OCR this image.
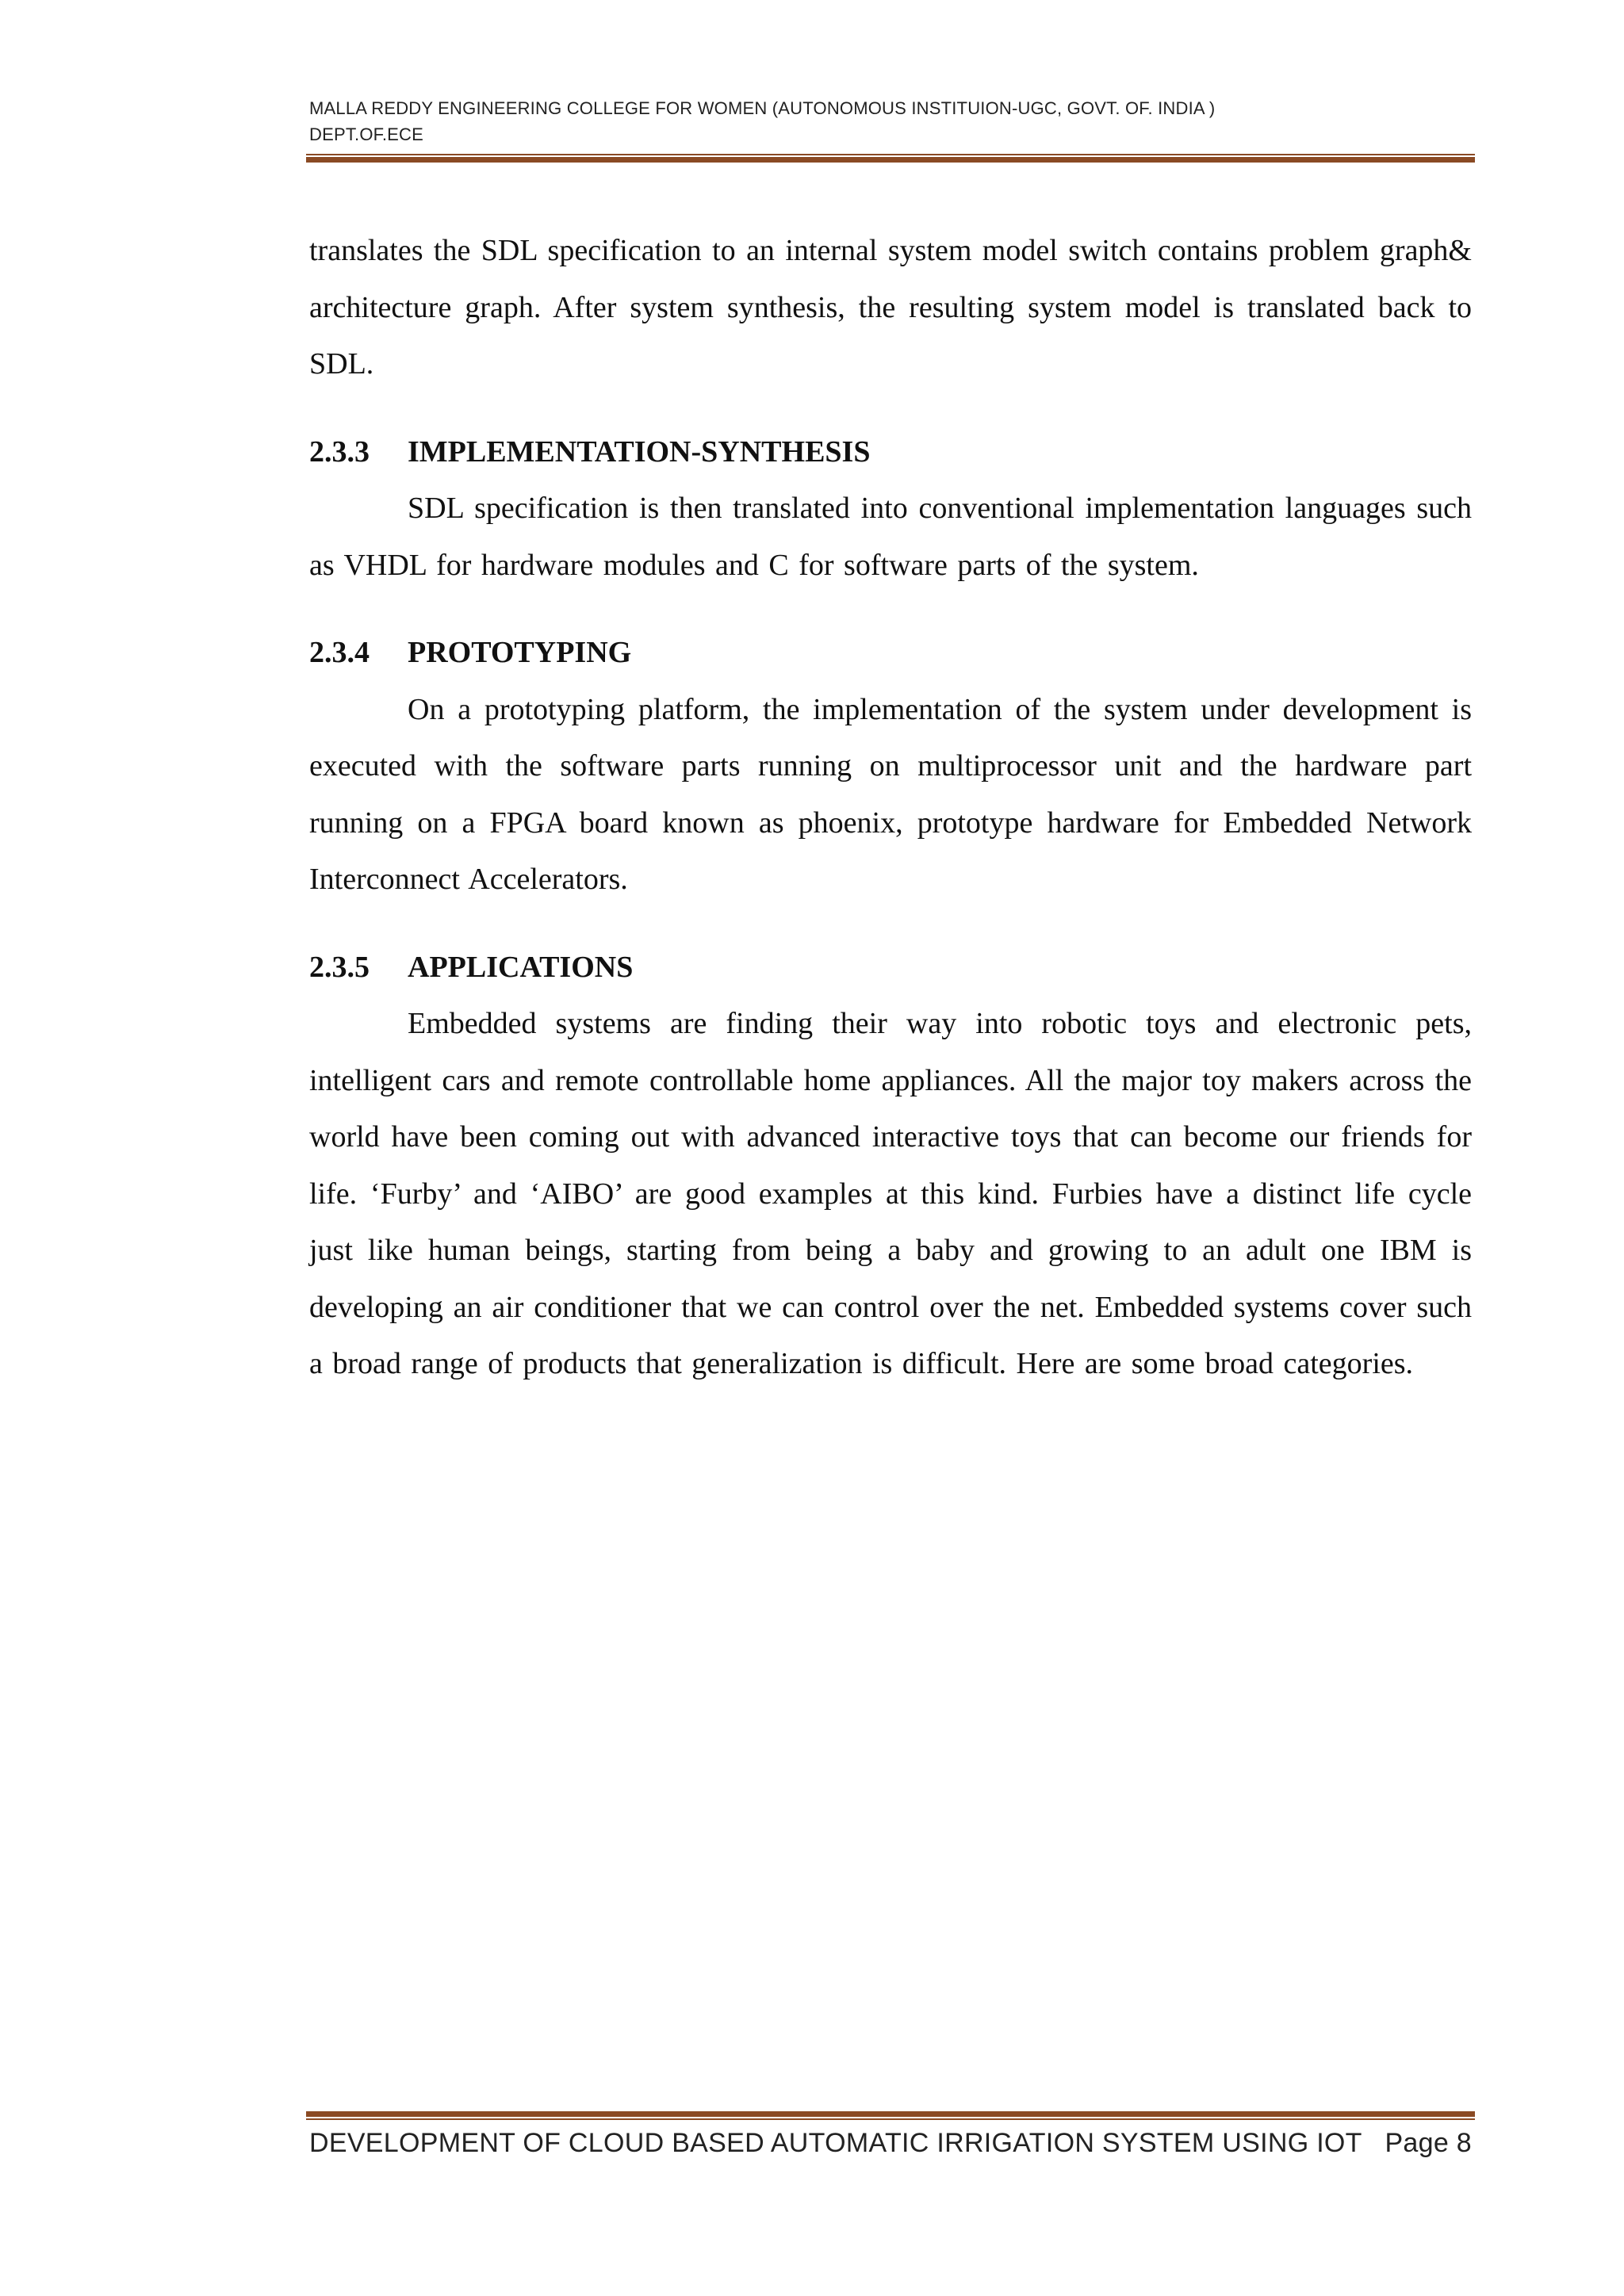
MALLA REDDY ENGINEERING COLLEGE FOR WOMEN (AUTONOMOUS INSTITUION-UGC, GOVT. OF. INDIA )
DEPT.OF.ECE

translates the SDL specification to an internal system model switch contains problem graph& architecture graph. After system synthesis, the resulting system model is translated back to SDL.

2.3.3	IMPLEMENTATION-SYNTHESIS

SDL specification is then translated into conventional implementation languages such as VHDL for hardware modules and C for software parts of the system.

2.3.4	PROTOTYPING

On a prototyping platform, the implementation of the system under development is executed with the software parts running on multiprocessor unit and the hardware part running on a FPGA board known as phoenix, prototype hardware for Embedded Network Interconnect Accelerators.

2.3.5	APPLICATIONS

Embedded systems are finding their way into robotic toys and electronic pets, intelligent cars and remote controllable home appliances. All the major toy makers across the world have been coming out with advanced interactive toys that can become our friends for life. ‘Furby’ and ‘AIBO’ are good examples at this kind. Furbies have a distinct life cycle just like human beings, starting from being a baby and growing to an adult one IBM is developing an air conditioner that we can control over the net. Embedded systems cover such a broad range of products that generalization is difficult. Here are some broad categories.

DEVELOPMENT OF CLOUD BASED AUTOMATIC IRRIGATION SYSTEM USING IOT Page 8
